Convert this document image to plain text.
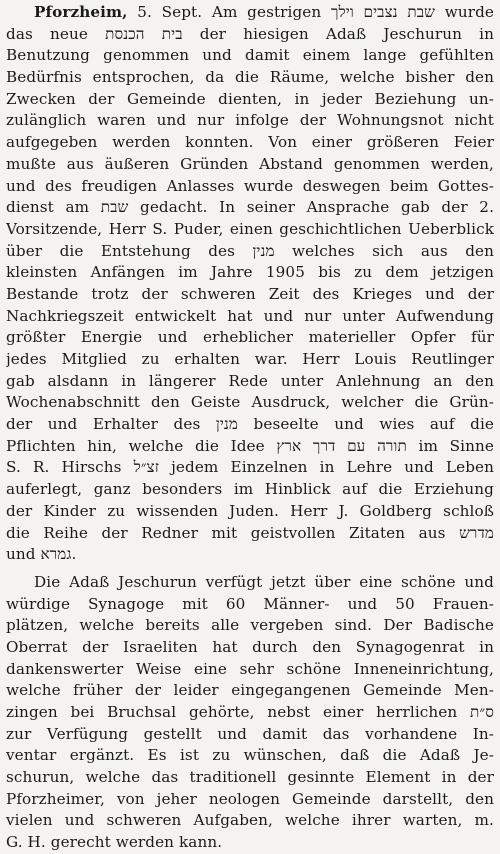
Pforzheim, 5. Sept. Am gestrigen שבת נצבים וילך wurde
das neue בית הכנסת der hiesigen Adaß Jeschurun in
Benutzung genommen und damit einem lange gefühlten
Bedürfnis entsprochen, da die Räume, welche bisher den
Zwecken der Gemeinde dienten, in jeder Beziehung un-
zulänglich waren und nur infolge der Wohnungsnot nicht
aufgegeben werden konnten. Von einer größeren Feier
mußte aus äußeren Gründen Abstand genommen werden,
und des freudigen Anlasses wurde deswegen beim Gottes-
dienst am שבת gedacht. In seiner Ansprache gab der 2.
Vorsitzende, Herr S. Puder, einen geschichtlichen Ueberblick
über die Entstehung des מנין welches sich aus den
kleinsten Anfängen im Jahre 1905 bis zu dem jetzigen
Bestande trotz der schweren Zeit des Krieges und der
Nachkriegszeit entwickelt hat und nur unter Aufwendung
größter Energie und erheblicher materieller Opfer für
jedes Mitglied zu erhalten war. Herr Louis Reutlinger
gab alsdann in längerer Rede unter Anlehnung an den
Wochenabschnitt den Geiste Ausdruck, welcher die Grün-
der und Erhalter des מנין beseelte und wies auf die
Pflichten hin, welche die Idee תורה עם דרך ארץ im Sinne
S. R. Hirschs זצ״ל jedem Einzelnen in Lehre und Leben
auferlegt, ganz besonders im Hinblick auf die Erziehung
der Kinder zu wissenden Juden. Herr J. Goldberg schloß
die Reihe der Redner mit geistvollen Zitaten aus מדרש
und גמרא.
Die Adaß Jeschurun verfügt jetzt über eine schöne und
würdige Synagoge mit 60 Männer- und 50 Frauen-
plätzen, welche bereits alle vergeben sind. Der Badische
Oberrat der Israeliten hat durch den Synagogenrat in
dankenswerter Weise eine sehr schöne Inneneinrichtung,
welche früher der leider eingegangenen Gemeinde Men-
zingen bei Bruchsal gehörte, nebst einer herrlichen ס״ת
zur Verfügung gestellt und damit das vorhandene In-
ventar ergänzt. Es ist zu wünschen, daß die Adaß Je-
schurun, welche das traditionell gesinnte Element in der
Pforzheimer, von jeher neologen Gemeinde darstellt, den
vielen und schweren Aufgaben, welche ihrer warten, m.
G. H. gerecht werden kann.
